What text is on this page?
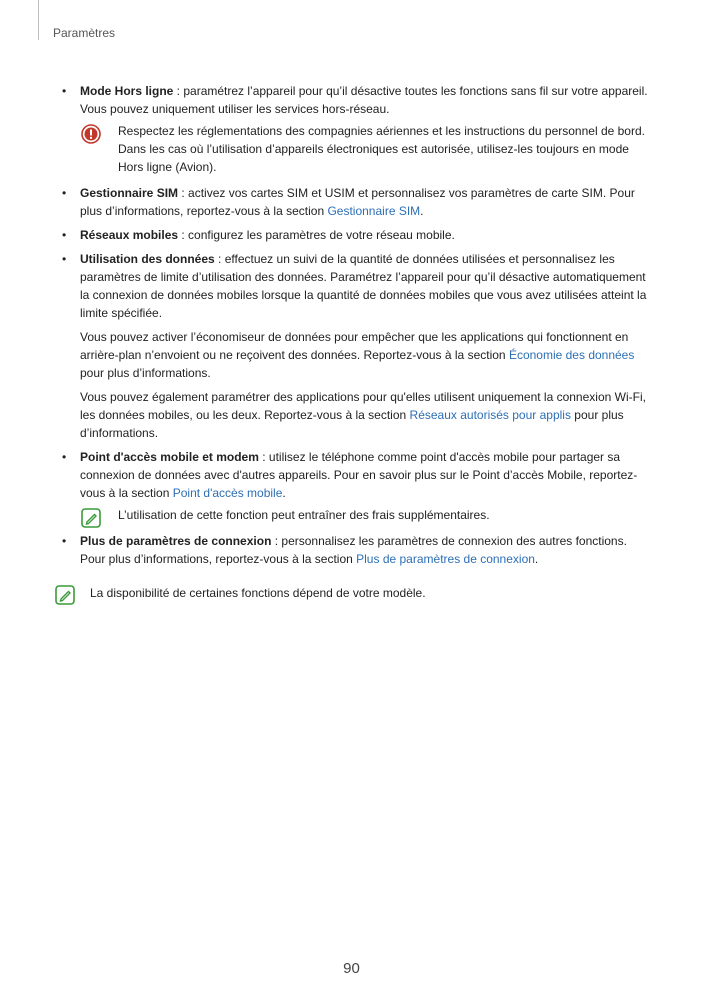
Paramètres
• Mode Hors ligne : paramétrez l’appareil pour qu’il désactive toutes les fonctions sans fil sur votre appareil. Vous pouvez uniquement utiliser les services hors-réseau.
Respectez les réglementations des compagnies aériennes et les instructions du personnel de bord. Dans les cas où l’utilisation d’appareils électroniques est autorisée, utilisez-les toujours en mode Hors ligne (Avion).
• Gestionnaire SIM : activez vos cartes SIM et USIM et personnalisez vos paramètres de carte SIM. Pour plus d’informations, reportez-vous à la section Gestionnaire SIM.
• Réseaux mobiles : configurez les paramètres de votre réseau mobile.
• Utilisation des données : effectuez un suivi de la quantité de données utilisées et personnalisez les paramètres de limite d’utilisation des données. Paramétrez l’appareil pour qu’il désactive automatiquement la connexion de données mobiles lorsque la quantité de données mobiles que vous avez utilisées atteint la limite spécifiée.

Vous pouvez activer l’économiseur de données pour empêcher que les applications qui fonctionnent en arrière-plan n’envoient ou ne reçoivent des données. Reportez-vous à la section Économie des données pour plus d’informations.

Vous pouvez également paramétrer des applications pour qu'elles utilisent uniquement la connexion Wi-Fi, les données mobiles, ou les deux. Reportez-vous à la section Réseaux autorisés pour applis pour plus d’informations.

• Point d'accès mobile et modem : utilisez le téléphone comme point d'accès mobile pour partager sa connexion de données avec d'autres appareils. Pour en savoir plus sur le Point d’accès Mobile, reportez-vous à la section Point d'accès mobile.
L’utilisation de cette fonction peut entraîner des frais supplémentaires.
• Plus de paramètres de connexion : personnalisez les paramètres de connexion des autres fonctions. Pour plus d’informations, reportez-vous à la section Plus de paramètres de connexion.
La disponibilité de certaines fonctions dépend de votre modèle.
90
